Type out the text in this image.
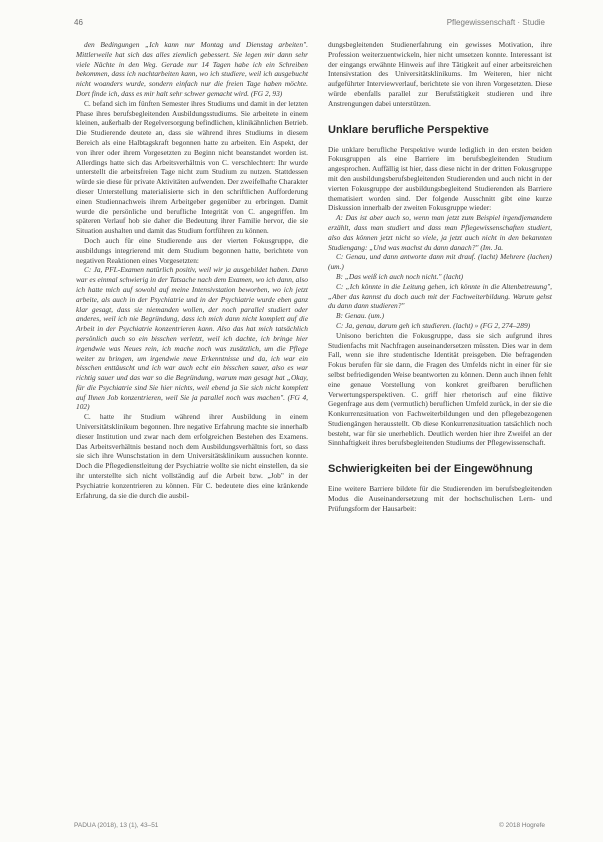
46	Pflegewissenschaft · Studie

den Bedingungen „Ich kann nur Montag und Dienstag arbeiten". Mittlerweile hat sich das alles ziemlich gebessert. Sie legen mir dann sehr viele Nächte in den Weg. Gerade nur 14 Tagen habe ich ein Schreiben bekommen, dass ich nachtarbeiten kann, wo ich studiere, weil ich ausgebucht nicht woanders wurde, sondern einfach nur die freien Tage haben möchte. Dort finde ich, dass es mir halt sehr schwer gemacht wird. (FG 2, 93)

C. befand sich im fünften Semester ihres Studiums und damit in der letzten Phase ihres berufsbegleitenden Ausbildungsstudiums. Sie arbeitete in einem kleinen, außerhalb der Regelversorgung befindlichen, klinikähnlichen Betrieb. Die Studierende deutete an, dass sie während ihres Studiums in diesem Bereich als eine Halbtagskraft begonnen hatte zu arbeiten. Ein Aspekt, der von ihrer oder ihrem Vorgesetzten zu Beginn nicht beanstandet worden ist. Allerdings hatte sich das Arbeitsverhältnis von C. verschlechtert: Ihr wurde unterstellt die arbeitsfreien Tage nicht zum Studium zu nutzen. Stattdessen würde sie diese für private Aktivitäten aufwenden. Der zweifelhafte Charakter dieser Unterstellung materialisierte sich in den schriftlichen Aufforderung einen Studiennachweis ihrem Arbeitgeber gegenüber zu erbringen. Damit wurde die persönliche und berufliche Integrität von C. angegriffen. Im späteren Verlauf hob sie daher die Bedeutung ihrer Familie hervor, die sie Situation aushalten und damit das Studium fortführen zu können.

Doch auch für eine Studierende aus der vierten Fokusgruppe, die ausbildungs integrierend mit dem Studium begonnen hatte, berichtete von negativen Reaktionen eines Vorgesetzten:

C: Ja, PFL-Examen natürlich positiv, weil wir ja ausgebildet haben. Dann war es einmal schwierig in der Tatsache nach dem Examen, wo ich dann, also ich hatte mich auf sowohl auf meine Intensivstation beworben, wo ich jetzt arbeite, als auch in der Psychiatrie und in der Psychiatrie wurde eben ganz klar gesagt, dass sie niemanden wollen, der noch parallel studiert oder anderes, weil ich nie Begründung, dass ich mich dann nicht komplett auf die Arbeit in der Psychiatrie konzentrieren kann. Also das hat mich tatsächlich persönlich auch so ein bisschen verletzt, weil ich dachte, ich bringe hier irgendwie was Neues rein, ich mache noch was zusätzlich, um die Pflege weiter zu bringen, um irgendwie neue Erkenntnisse und da, ich war ein bisschen enttäuscht und ich war auch echt ein bisschen sauer, also es war richtig sauer und das war so die Begründung, warum man gesagt hat „Okay, für die Psychiatrie sind Sie hier nichts, weil ebend ja Sie sich nicht komplett auf Ihnen Job konzentrieren, weil Sie ja parallel noch was machen". (FG 4, 102)

C. hatte ihr Studium während ihrer Ausbildung in einem Universitätsklinikum begonnen. Ihre negative Erfahrung machte sie innerhalb dieser Institution und zwar nach dem erfolgreichen Bestehen des Examens. Das Arbeitsverhältnis bestand noch dem Ausbildungsverhältnis fort, so dass sie sich ihre Wunschstation in dem Universitätsklinikum aussuchen konnte. Doch die Pflegedienstleitung der Psychiatrie wollte sie nicht einstellen, da sie ihr unterstellte sich nicht vollständig auf die Arbeit bzw. „Job" in der Psychiatrie konzentrieren zu können. Für C. bedeutete dies eine kränkende Erfahrung, da sie die durch die ausbil-

dungsbegleitenden Studienerfahrung ein gewisses Motivation, ihre Profession weiterzuentwickeln, hier nicht umsetzen konnte. Interessant ist der eingangs erwähnte Hinweis auf ihre Tätigkeit auf einer arbeitsreichen Intensivstation des Universitätsklinikums. Im Weiteren, hier nicht aufgeführter Interviewverlauf, berichtete sie von ihren Vorgesetzten. Diese würde ebenfalls parallel zur Berufstätigkeit studieren und ihre Anstrengungen dabei unterstützen.

Unklare berufliche Perspektive

Die unklare berufliche Perspektive wurde lediglich in den ersten beiden Fokusgruppen als eine Barriere im berufsbegleitenden Studium angesprochen. Auffällig ist hier, dass diese nicht in der dritten Fokusgruppe mit den ausbildungsberufsbegleitenden Studierenden und auch nicht in der vierten Fokusgruppe der ausbildungsbegleitend Studierenden als Barriere thematisiert worden sind. Der folgende Ausschnitt gibt eine kurze Diskussion innerhalb der zweiten Fokusgruppe wieder:

A: Das ist aber auch so, wenn man jetzt zum Beispiel irgendjemandem erzählt, dass man studiert und dass man Pflegewissenschaften studiert, also das können jetzt nicht so viele, ja jetzt auch nicht in den bekannten Studiengang: „Und was machst du dann danach?" (Im. Ja.

C: Genau, und dann antworte dann mit drauf. (lacht) Mehrere (lachen) (um.)

B: „Das weiß ich auch noch nicht." (lacht)

C: „Ich könnte in die Leitung gehen, ich könnte in die Altenbetreuung", „Aber das kannst du doch auch mit der Fachweiterbildung. Warum gehst du dann dann studieren?"

B: Genau. (um.)

C: Ja, genau, darum geh ich studieren. (lacht) » (FG 2, 274–289)

Unisono berichten die Fokusgruppe, dass sie sich aufgrund ihres Studienfachs mit Nachfragen auseinandersetzen müssten. Dies war in dem Fall, wenn sie ihre studentische Identität preisgeben. Die befragenden Fokus berufen für sie dann, die Fragen des Umfelds nicht in einer für sie selbst befriedigenden Weise beantworten zu können. Denn auch ihnen fehlt eine genaue Vorstellung von konkret greifbaren beruflichen Verwertungsperspektiven. C. griff hier rhetorisch auf eine fiktive Gegenfrage aus dem (vermutlich) beruflichen Umfeld zurück, in der sie die Konkurrenzsituation von Fachweiterbildungen und den pflegebezogenen Studiengängen herausstellt. Ob diese Konkurrenzsituation tatsächlich noch besteht, war für sie unerheblich. Deutlich werden hier ihre Zweifel an der Sinnhaftigkeit ihres berufsbegleitenden Studiums der Pflegewissenschaft.

Schwierigkeiten bei der Eingewöhnung

Eine weitere Barriere bildete für die Studierenden im berufsbegleitenden Modus die Auseinandersetzung mit der hochschulischen Lern- und Prüfungsform der Hausarbeit:

PADUA (2018), 13 (1), 43–51	© 2018 Hogrefe
